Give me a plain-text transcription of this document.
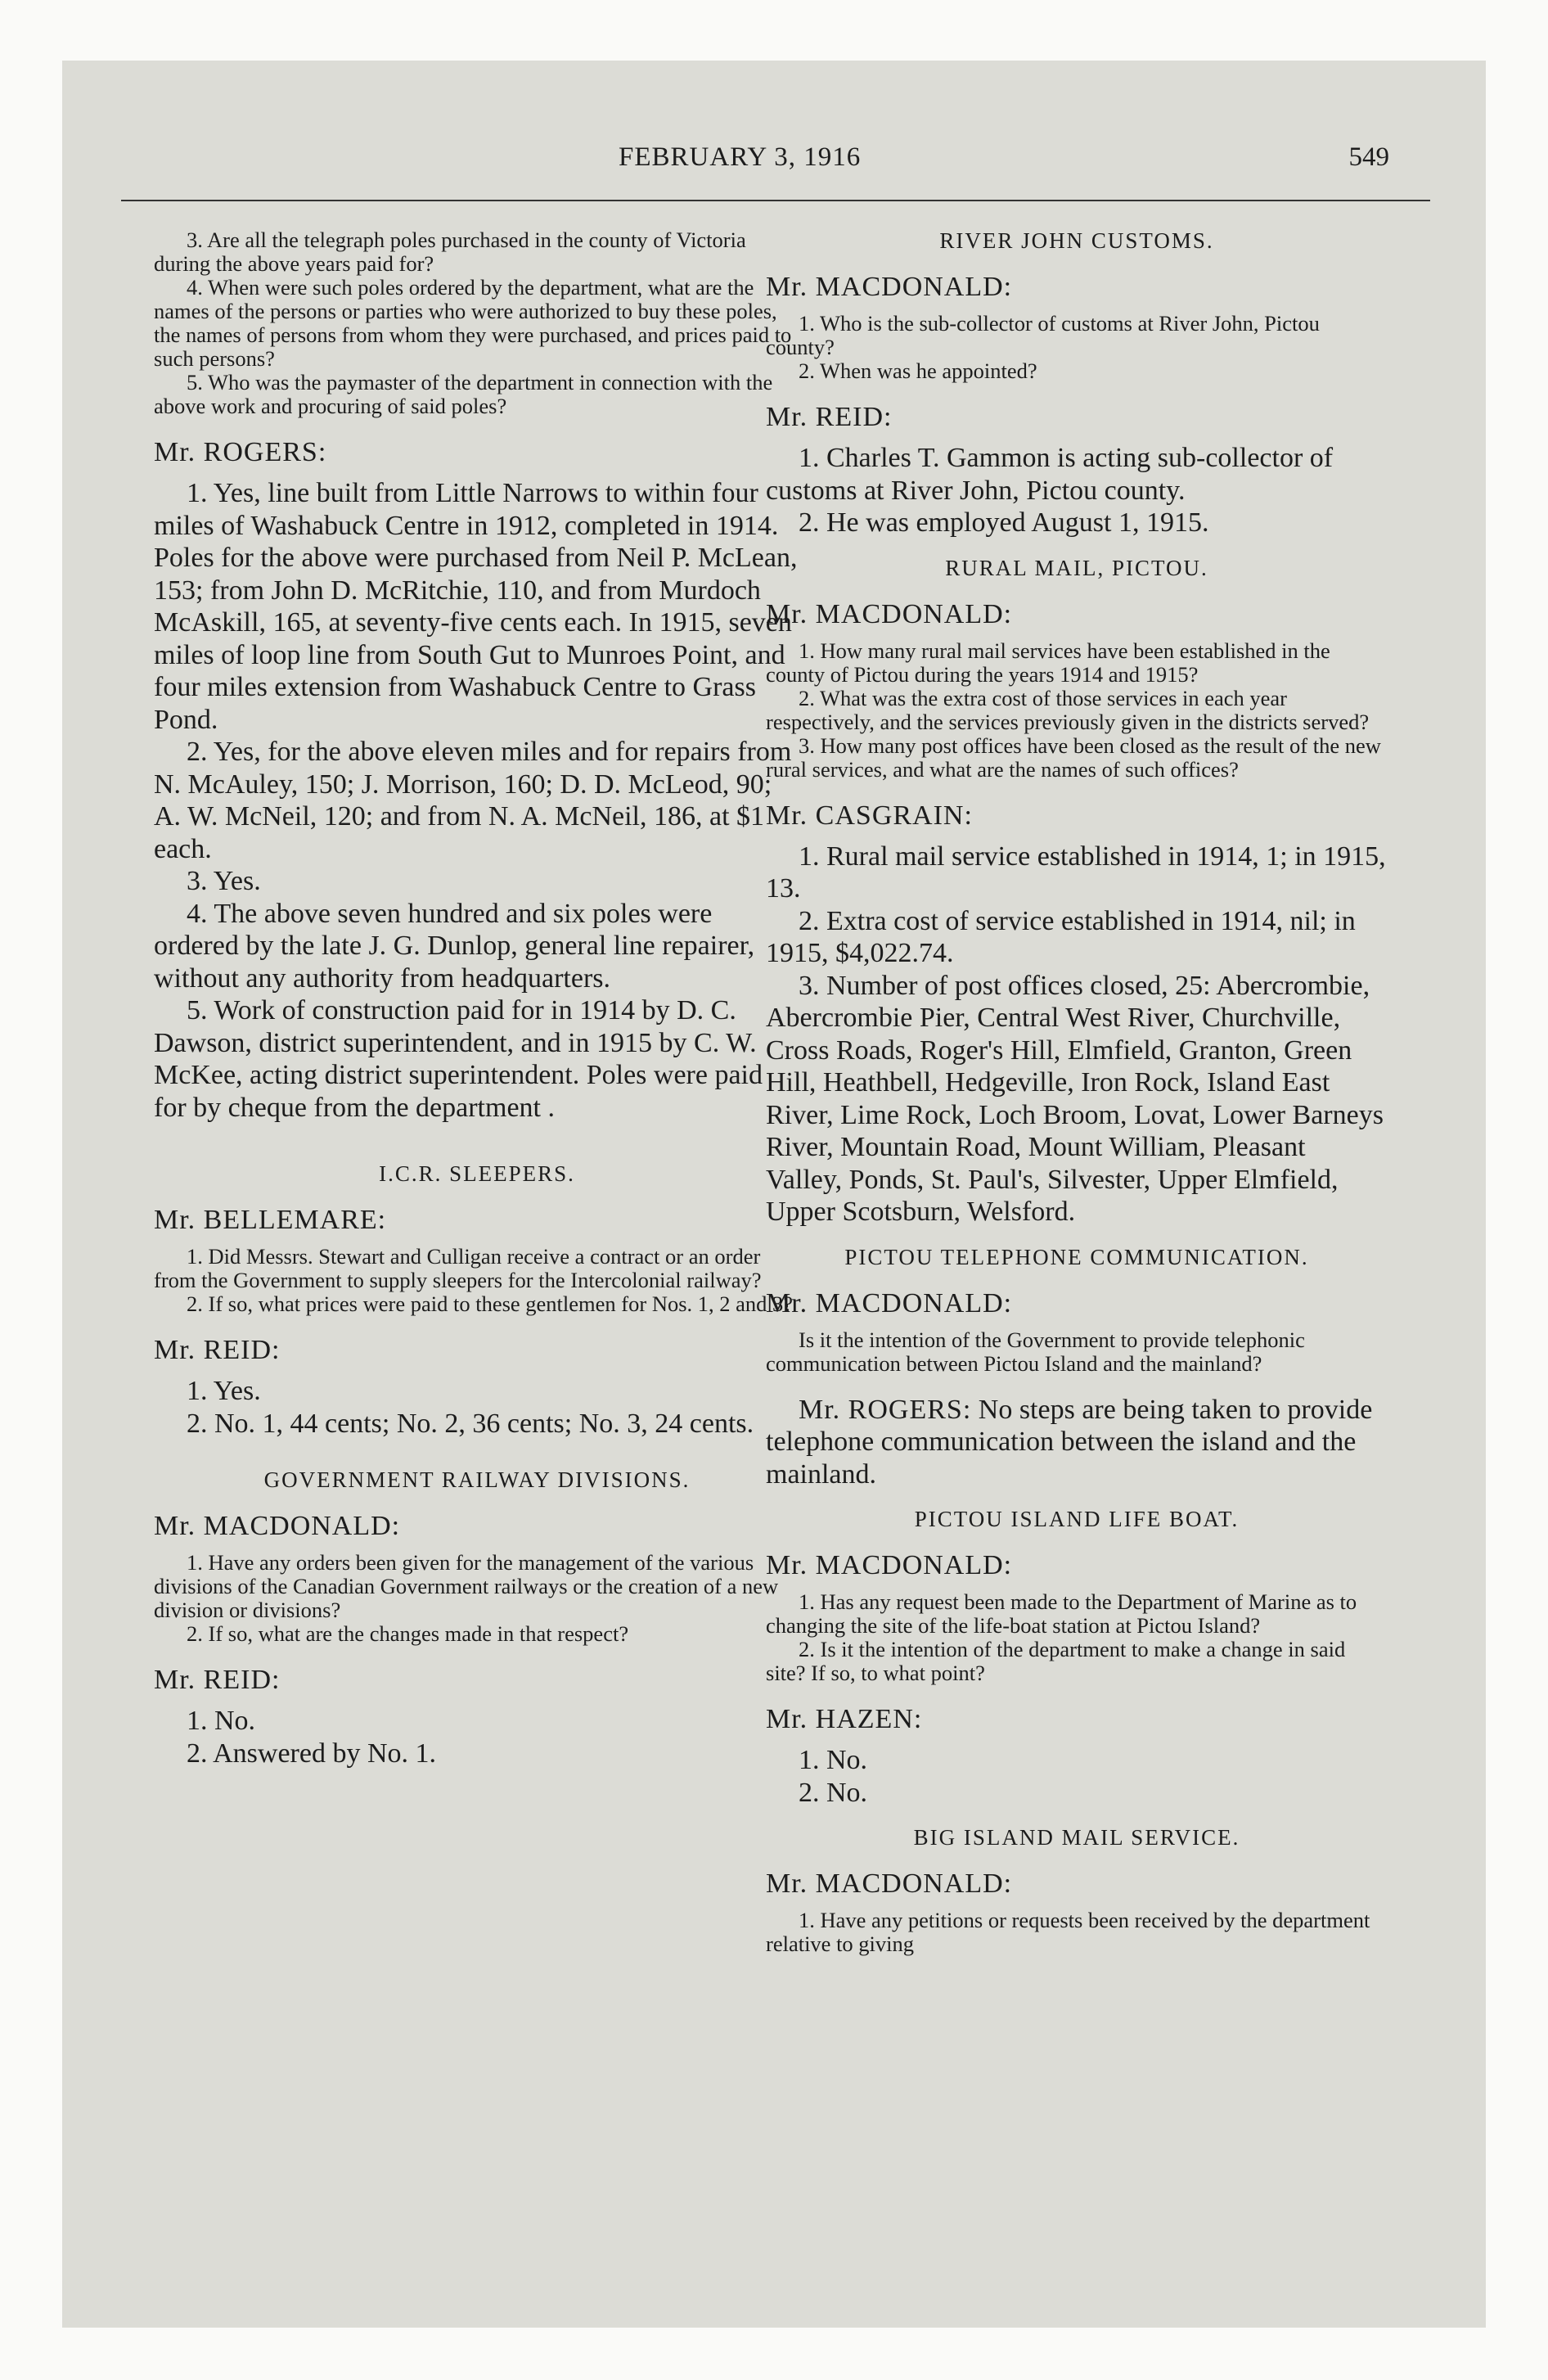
FEBRUARY 3, 1916	549

3. Are all the telegraph poles purchased in the county of Victoria during the above years paid for?

4. When were such poles ordered by the department, what are the names of the persons or parties who were authorized to buy these poles, the names of persons from whom they were purchased, and prices paid to such persons?

5. Who was the paymaster of the department in connection with the above work and procuring of said poles?

Mr. ROGERS:

1. Yes, line built from Little Narrows to within four miles of Washabuck Centre in 1912, completed in 1914. Poles for the above were purchased from Neil P. McLean, 153; from John D. McRitchie, 110, and from Murdoch McAskill, 165, at seventy-five cents each. In 1915, seven miles of loop line from South Gut to Munroes Point, and four miles extension from Washabuck Centre to Grass Pond.

2. Yes, for the above eleven miles and for repairs from N. McAuley, 150; J. Morrison, 160; D. D. McLeod, 90; A. W. McNeil, 120; and from N. A. McNeil, 186, at $1 each.

3. Yes.

4. The above seven hundred and six poles were ordered by the late J. G. Dunlop, general line repairer, without any authority from headquarters.

5. Work of construction paid for in 1914 by D. C. Dawson, district superintendent, and in 1915 by C. W. McKee, acting district superintendent. Poles were paid for by cheque from the department .

I.C.R. SLEEPERS.

Mr. BELLEMARE:

1. Did Messrs. Stewart and Culligan receive a contract or an order from the Government to supply sleepers for the Intercolonial railway?

2. If so, what prices were paid to these gentlemen for Nos. 1, 2 and 3?

Mr. REID:

1. Yes.

2. No. 1, 44 cents; No. 2, 36 cents; No. 3, 24 cents.

GOVERNMENT RAILWAY DIVISIONS.

Mr. MACDONALD:

1. Have any orders been given for the management of the various divisions of the Canadian Government railways or the creation of a new division or divisions?

2. If so, what are the changes made in that respect?

Mr. REID:

1. No.

2. Answered by No. 1.

RIVER JOHN CUSTOMS.

Mr. MACDONALD:

1. Who is the sub-collector of customs at River John, Pictou county?

2. When was he appointed?

Mr. REID:

1. Charles T. Gammon is acting sub-collector of customs at River John, Pictou county.

2. He was employed August 1, 1915.

RURAL MAIL, PICTOU.

Mr. MACDONALD:

1. How many rural mail services have been established in the county of Pictou during the years 1914 and 1915?

2. What was the extra cost of those services in each year respectively, and the services previously given in the districts served?

3. How many post offices have been closed as the result of the new rural services, and what are the names of such offices?

Mr. CASGRAIN:

1. Rural mail service established in 1914, 1; in 1915, 13.

2. Extra cost of service established in 1914, nil; in 1915, $4,022.74.

3. Number of post offices closed, 25: Abercrombie, Abercrombie Pier, Central West River, Churchville, Cross Roads, Roger's Hill, Elmfield, Granton, Green Hill, Heathbell, Hedgeville, Iron Rock, Island East River, Lime Rock, Loch Broom, Lovat, Lower Barneys River, Mountain Road, Mount William, Pleasant Valley, Ponds, St. Paul's, Silvester, Upper Elmfield, Upper Scotsburn, Welsford.

PICTOU TELEPHONE COMMUNICATION.

Mr. MACDONALD:

Is it the intention of the Government to provide telephonic communication between Pictou Island and the mainland?

Mr. ROGERS: No steps are being taken to provide telephone communication between the island and the mainland.

PICTOU ISLAND LIFE BOAT.

Mr. MACDONALD:

1. Has any request been made to the Department of Marine as to changing the site of the life-boat station at Pictou Island?

2. Is it the intention of the department to make a change in said site? If so, to what point?

Mr. HAZEN:

1. No.

2. No.

BIG ISLAND MAIL SERVICE.

Mr. MACDONALD:

1. Have any petitions or requests been received by the department relative to giving
